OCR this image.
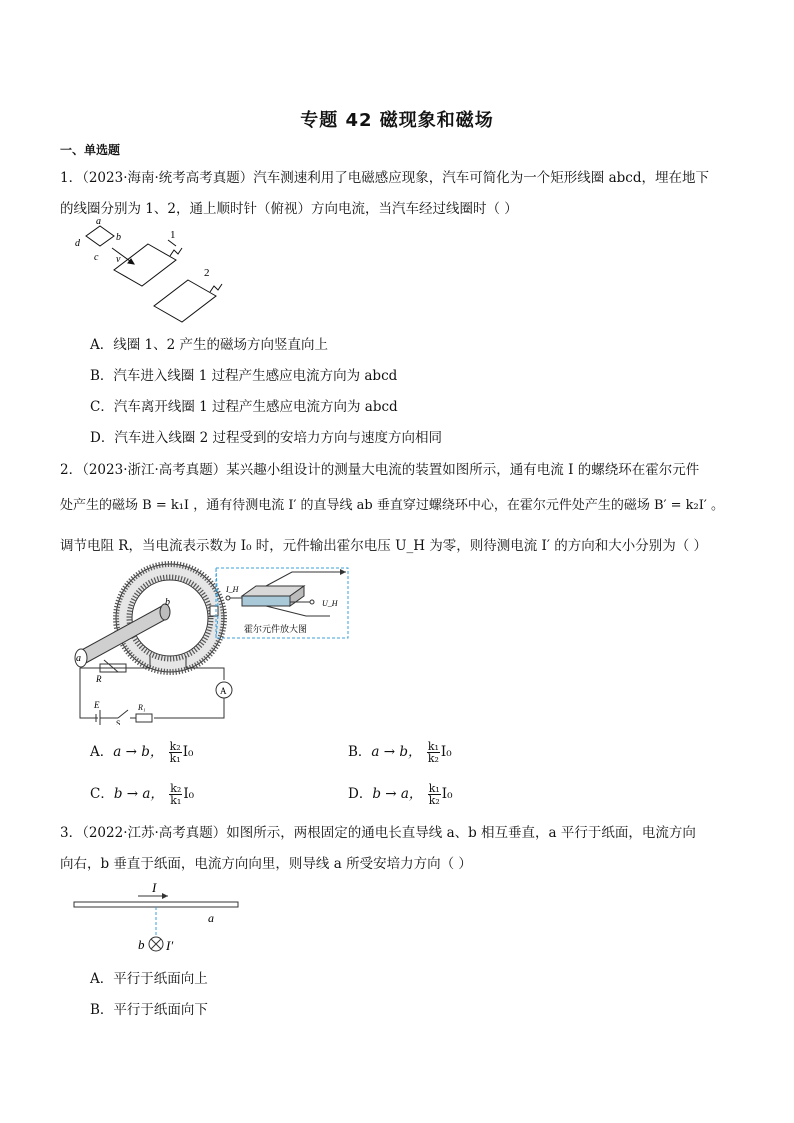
专题 42 磁现象和磁场
一、单选题
1．（2023·海南·统考高考真题）汽车测速利用了电磁感应现象，汽车可简化为一个矩形线圈 abcd，埋在地下
的线圈分别为 1、2，通上顺时针（俯视）方向电流，当汽车经过线圈时（ ）
a
b
c
d
v
1
2
A．线圈 1、2 产生的磁场方向竖直向上
B．汽车进入线圈 1 过程产生感应电流方向为 abcd
C．汽车离开线圈 1 过程产生感应电流方向为 abcd
D．汽车进入线圈 2 过程受到的安培力方向与速度方向相同
2．（2023·浙江·高考真题）某兴趣小组设计的测量大电流的装置如图所示，通有电流 I 的螺绕环在霍尔元件
处产生的磁场 B = k₁I ，通有待测电流 I′ 的直导线 ab 垂直穿过螺绕环中心，在霍尔元件处产生的磁场 B′ = k₂I′ 。
调节电阻 R，当电流表示数为 I₀ 时，元件输出霍尔电压 U_H 为零，则待测电流 I′ 的方向和大小分别为（ ）
a
b
I_H
U_H
霍尔元件放大图
R
A
E
S
R₁
A．a → b， $\frac{\text{k₂}}{\text{k₁}} I_0$	B．a → b， $\frac{\text{k₁}}{\text{k₂}} I_0$
C．b → a， $\frac{\text{k₂}}{\text{k₁}} I_0$	D．b → a， $\frac{\text{k₁}}{\text{k₂}} I_0$
3．（2022·江苏·高考真题）如图所示，两根固定的通电长直导线 a、b 相互垂直，a 平行于纸面，电流方向
向右，b 垂直于纸面，电流方向向里，则导线 a 所受安培力方向（ ）
I
a
b I′
A．平行于纸面向上
B．平行于纸面向下
